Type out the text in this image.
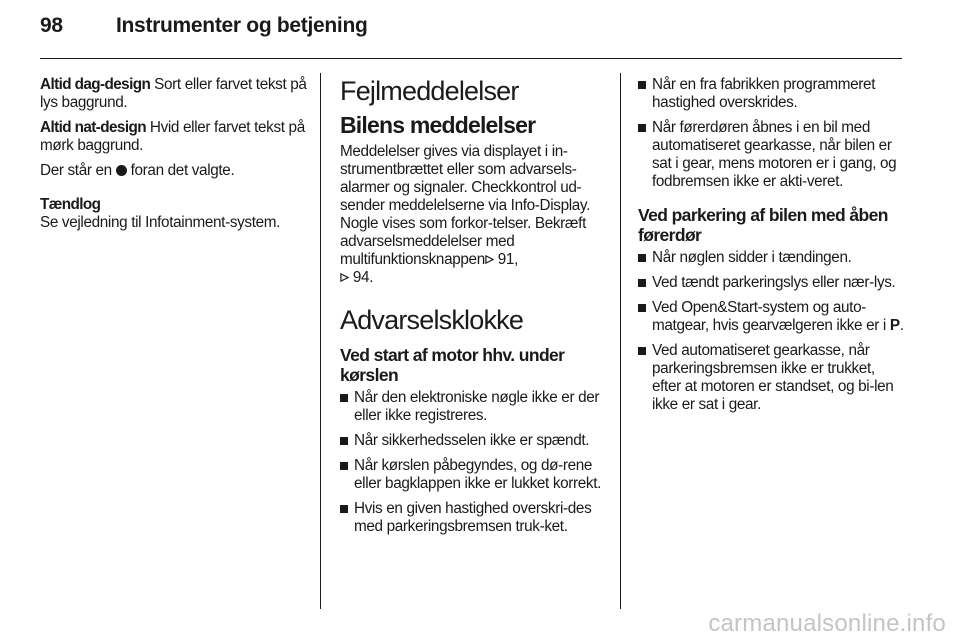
98	Instrumenter og betjening

Altid dag-design Sort eller farvet tekst på lys baggrund.

Altid nat-design Hvid eller farvet tekst på mørk baggrund.

Der står en  foran det valgte.

Tændlog

Se vejledning til Infotainment-system.

Fejlmeddelelser
Bilens meddelelser

Meddelelser gives via displayet i in-strumentbrættet eller som advarsels-alarmer og signaler. Checkkontrol ud-sender meddelelserne via Info-Display. Nogle vises som forkor-telser. Bekræft advarselsmeddelelser med multifunktionsknappen 91,
94.

Advarselsklokke
Ved start af motor hhv. under kørslen
Når den elektroniske nøgle ikke er der eller ikke registreres.
Når sikkerhedsselen ikke er spændt.
Når kørslen påbegyndes, og dø-rene eller bagklappen ikke er lukket korrekt.
Hvis en given hastighed overskri-des med parkeringsbremsen truk-ket.
Når en fra fabrikken programmeret hastighed overskrides.
Når førerdøren åbnes i en bil med automatiseret gearkasse, når bilen er sat i gear, mens motoren er i gang, og fodbremsen ikke er akti-veret.
Ved parkering af bilen med åben førerdør
Når nøglen sidder i tændingen.
Ved tændt parkeringslys eller nær-lys.
Ved Open&Start-system og auto-matgear, hvis gearvælgeren ikke er i P.
Ved automatiseret gearkasse, når parkeringsbremsen ikke er trukket, efter at motoren er standset, og bi-len ikke er sat i gear.
carmanualsonline.info
